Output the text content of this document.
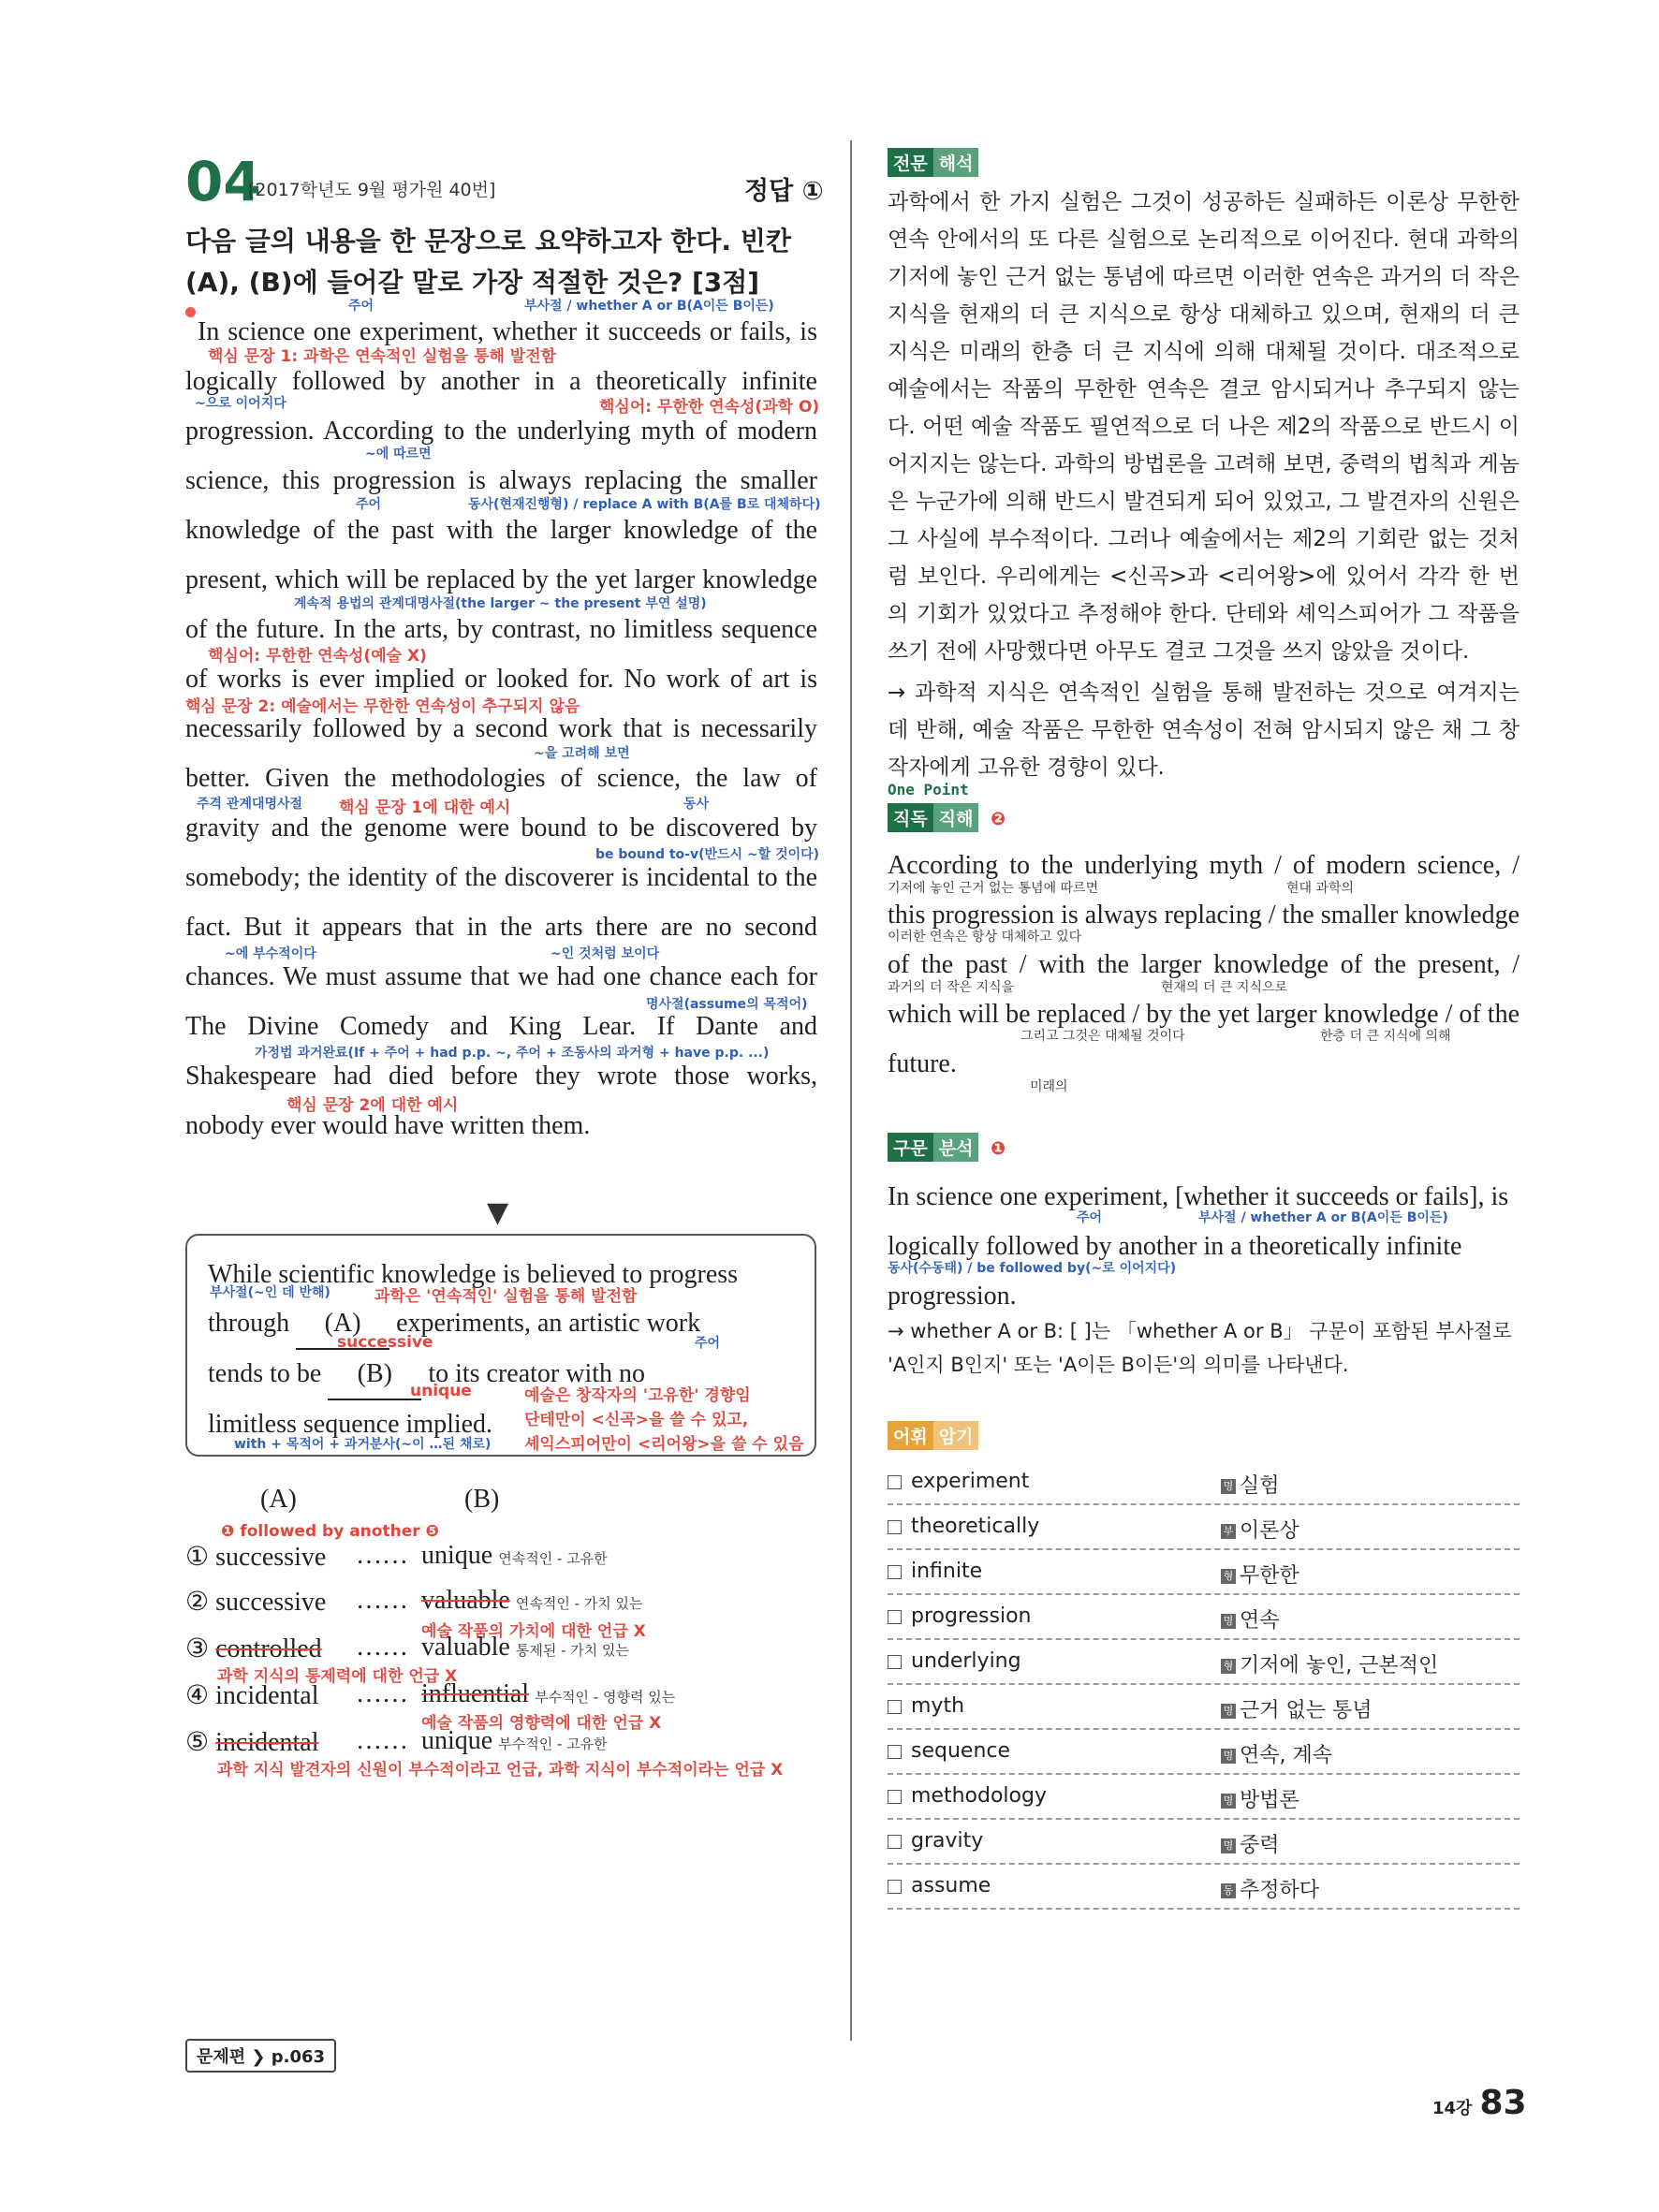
04
[2017학년도 9월 평가원 40번]	정답 ①
다음 글의 내용을 한 문장으로 요약하고자 한다. 빈칸 (A), (B)에 들어갈 말로 가장 적절한 것은? [3점]
In science one experiment, whether it succeeds or fails, is logically followed by another in a theoretically infinite progression. According to the underlying myth of modern science, this progression is always replacing the smaller knowledge of the past with the larger knowledge of the present, which will be replaced by the yet larger knowledge of the future. In the arts, by contrast, no limitless sequence of works is ever implied or looked for. No work of art is necessarily followed by a second work that is necessarily better. Given the methodologies of science, the law of gravity and the genome were bound to be discovered by somebody; the identity of the discoverer is incidental to the fact. But it appears that in the arts there are no second chances. We must assume that we had one chance each for The Divine Comedy and King Lear. If Dante and Shakespeare had died before they wrote those works, nobody ever would have written them.
주어	부사절 / whether A or B(A이든 B이든)
핵심 문장 1: 과학은 연속적인 실험을 통해 발전함
~으로 이어지다	핵심어: 무한한 연속성(과학 O)
~에 따르면
주어	동사(현재진행형) / replace A with B(A를 B로 대체하다)
계속적 용법의 관계대명사절(the larger ~ the present 부연 설명)
핵심어: 무한한 연속성(예술 X)
핵심 문장 2: 예술에서는 무한한 연속성이 추구되지 않음
~을 고려해 보면
주격 관계대명사절 핵심 문장 1에 대한 예시	동사
be bound to-v(반드시 ~할 것이다)
~에 부수적이다	~인 것처럼 보이다
명사절(assume의 목적어)
가정법 과거완료(If + 주어 + had p.p. ~, 주어 + 조동사의 과거형 + have p.p. ...)
핵심 문장 2에 대한 예시
▼
While scientific knowledge is believed to progress
through (A) experiments, an artistic work
tends to be (B) to its creator with no
limitless sequence implied.
부사절(~인 데 반해)	과학은 '연속적인' 실험을 통해 발전함
successive	주어
unique	예술은 창작자의 '고유한' 경향임
단테만이 <신곡>을 쓸 수 있고,
셰익스피어만이 <리어왕>을 쓸 수 있음
with + 목적어 + 과거분사(~이 …된 채로)
(A)	(B)
❶ followed by another ❺
① successive …… unique 연속적인 - 고유한
② successive …… valuable 연속적인 - 가치 있는
예술 작품의 가치에 대한 언급 X
③ controlled …… valuable 통제된 - 가치 있는
과학 지식의 통제력에 대한 언급 X
④ incidental …… influential 부수적인 - 영향력 있는
예술 작품의 영향력에 대한 언급 X
⑤ incidental …… unique 부수적인 - 고유한
과학 지식 발견자의 신원이 부수적이라고 언급, 과학 지식이 부수적이라는 언급 X
문제편 ❯ p.063
전문 해석
과학에서 한 가지 실험은 그것이 성공하든 실패하든 이론상 무한한 연속 안에서의 또 다른 실험으로 논리적으로 이어진다. 현대 과학의 기저에 놓인 근거 없는 통념에 따르면 이러한 연속은 과거의 더 작은 지식을 현재의 더 큰 지식으로 항상 대체하고 있으며, 현재의 더 큰 지식은 미래의 한층 더 큰 지식에 의해 대체될 것이다. 대조적으로 예술에서는 작품의 무한한 연속은 결코 암시되거나 추구되지 않는다. 어떤 예술 작품도 필연적으로 더 나은 제2의 작품으로 반드시 이어지지는 않는다. 과학의 방법론을 고려해 보면, 중력의 법칙과 게놈은 누군가에 의해 반드시 발견되게 되어 있었고, 그 발견자의 신원은 그 사실에 부수적이다. 그러나 예술에서는 제2의 기회란 없는 것처럼 보인다. 우리에게는 <신곡>과 <리어왕>에 있어서 각각 한 번의 기회가 있었다고 추정해야 한다. 단테와 셰익스피어가 그 작품을 쓰기 전에 사망했다면 아무도 결코 그것을 쓰지 않았을 것이다.
→ 과학적 지식은 연속적인 실험을 통해 발전하는 것으로 여겨지는 데 반해, 예술 작품은 무한한 연속성이 전혀 암시되지 않은 채 그 창작자에게 고유한 경향이 있다.
One Point
직독 직해 ❷
According to the underlying myth / of modern science, / this progression is always replacing / the smaller knowledge of the past / with the larger knowledge of the present, / which will be replaced / by the yet larger knowledge / of the future.
기저에 놓인 근거 없는 통념에 따르면	현대 과학의
이러한 연속은 항상 대체하고 있다
과거의 더 작은 지식을	현재의 더 큰 지식으로
그리고 그것은 대체될 것이다	한층 더 큰 지식에 의해
미래의
구문 분석 ❶
In science one experiment, [whether it succeeds or fails], is logically followed by another in a theoretically infinite progression.
주어	부사절 / whether A or B(A이든 B이든)
동사(수동태) / be followed by(~로 이어지다)
→ whether A or B: [ ]는 「whether A or B」 구문이 포함된 부사절로 'A인지 B인지' 또는 'A이든 B이든'의 의미를 나타낸다.
어휘 암기
experiment	명 실험
theoretically	부 이론상
infinite	형 무한한
progression	명 연속
underlying	형 기저에 놓인, 근본적인
myth	명 근거 없는 통념
sequence	명 연속, 계속
methodology	명 방법론
gravity	명 중력
assume	동 추정하다
14강 83
